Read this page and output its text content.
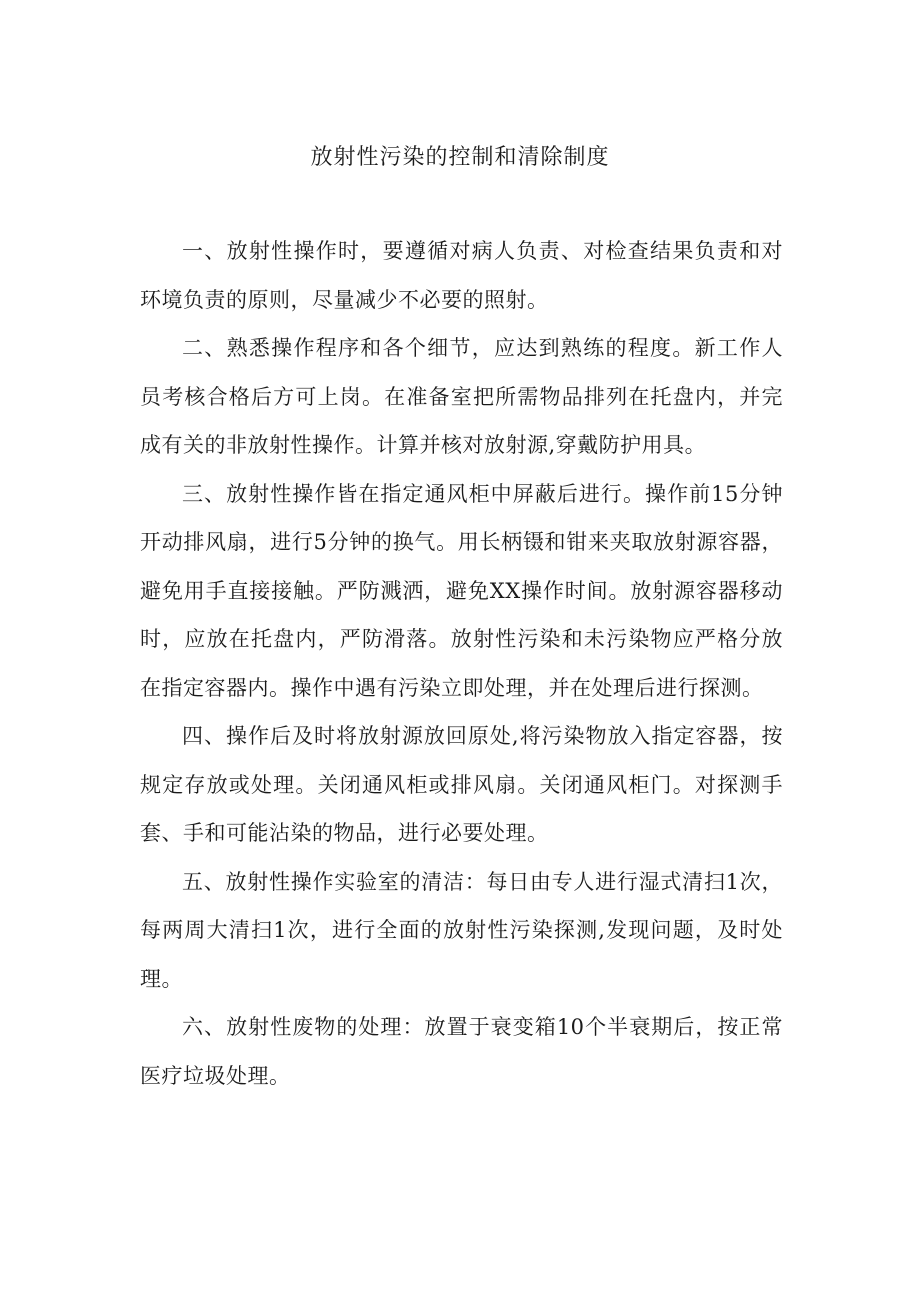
放射性污染的控制和清除制度

一、放射性操作时，要遵循对病人负责、对检查结果负责和对环境负责的原则，尽量减少不必要的照射。

二、熟悉操作程序和各个细节，应达到熟练的程度。新工作人员考核合格后方可上岗。在准备室把所需物品排列在托盘内，并完成有关的非放射性操作。计算并核对放射源,穿戴防护用具。

三、放射性操作皆在指定通风柜中屏蔽后进行。操作前15分钟开动排风扇，进行5分钟的换气。用长柄镊和钳来夹取放射源容器，避免用手直接接触。严防溅洒，避免XX操作时间。放射源容器移动时，应放在托盘内，严防滑落。放射性污染和未污染物应严格分放在指定容器内。操作中遇有污染立即处理，并在处理后进行探测。

四、操作后及时将放射源放回原处,将污染物放入指定容器，按规定存放或处理。关闭通风柜或排风扇。关闭通风柜门。对探测手套、手和可能沾染的物品，进行必要处理。

五、放射性操作实验室的清洁：每日由专人进行湿式清扫1次，每两周大清扫1次，进行全面的放射性污染探测,发现问题，及时处理。

六、放射性废物的处理：放置于衰变箱10个半衰期后，按正常医疗垃圾处理。
